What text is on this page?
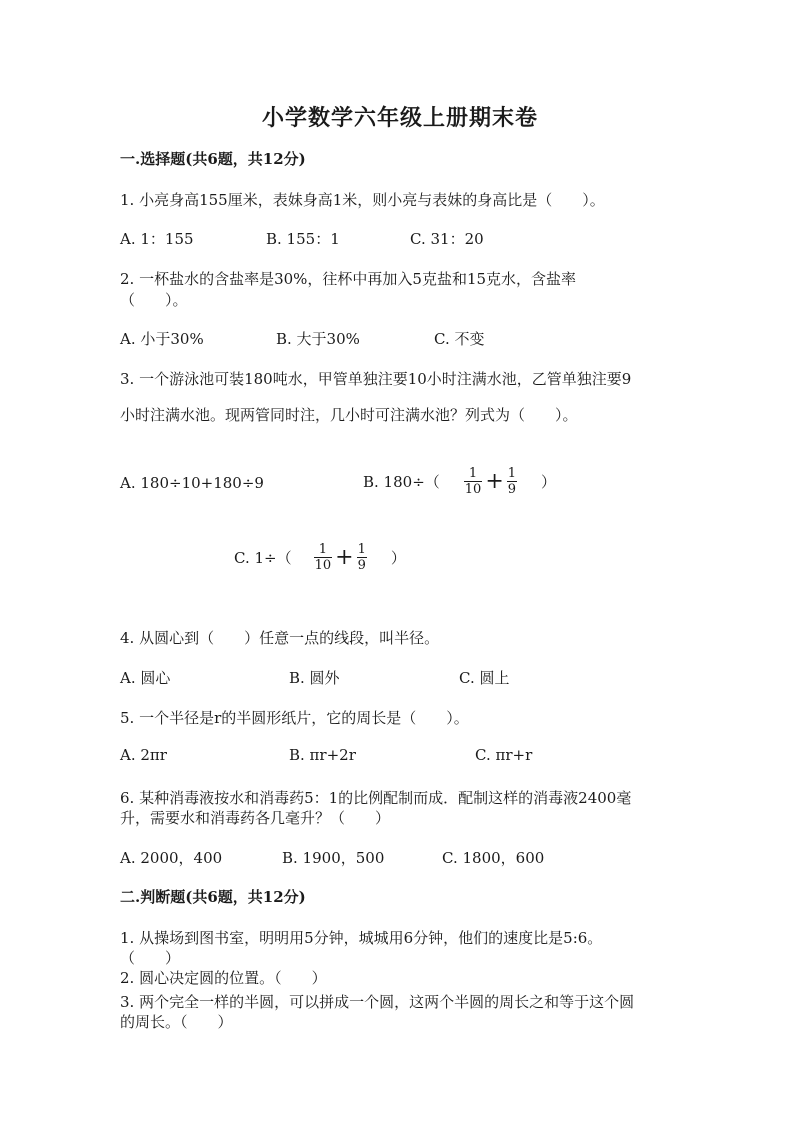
小学数学六年级上册期末卷
一.选择题(共6题，共12分)
1. 小亮身高155厘米，表妹身高1米，则小亮与表妹的身高比是（　　）。
A. 1：155	B. 155：1	C. 31：20
2. 一杯盐水的含盐率是30%，往杯中再加入5克盐和15克水，含盐率
（　　）。
A. 小于30%	B. 大于30%	C. 不变
3. 一个游泳池可装180吨水，甲管单独注要10小时注满水池，乙管单独注要9
小时注满水池。现两管同时注，几小时可注满水池？列式为（　　）。
A. 180÷10+180÷9	B. $180\div( \frac{1}{10} + \frac{1}{9}$ ）
C. $1\div( \frac{1}{10} + \frac{1}{9}$ ）
4. 从圆心到（　　）任意一点的线段，叫半径。
A. 圆心	B. 圆外	C. 圆上
5. 一个半径是r的半圆形纸片，它的周长是（　　）。
A. 2πr	B. πr+2r	C. πr+r
6. 某种消毒液按水和消毒药5：1的比例配制而成．配制这样的消毒液2400毫
升，需要水和消毒药各几毫升？（　　）
A. 2000，400	B. 1900，500	C. 1800，600
二.判断题(共6题，共12分)
1. 从操场到图书室，明明用5分钟，城城用6分钟，他们的速度比是5:6。
（　　）
2. 圆心决定圆的位置。（　　）
3. 两个完全一样的半圆，可以拼成一个圆，这两个半圆的周长之和等于这个圆
的周长。（　　）
